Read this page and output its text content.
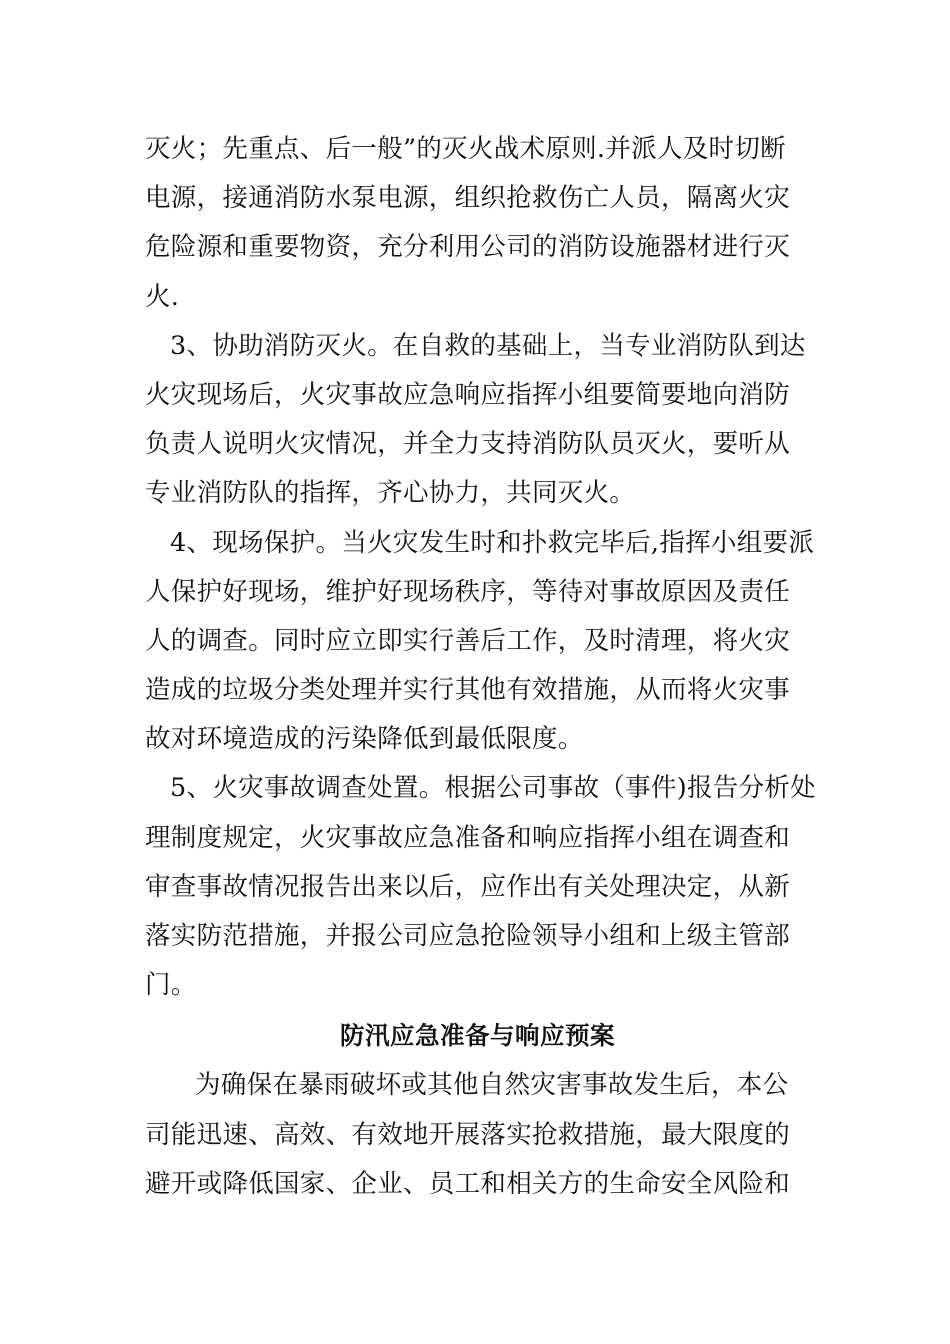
灭火；先重点、后一般”的灭火战术原则.并派人及时切断
电源，接通消防水泵电源，组织抢救伤亡人员，隔离火灾
危险源和重要物资，充分利用公司的消防设施器材进行灭
火.
3、协助消防灭火。在自救的基础上，当专业消防队到达
火灾现场后，火灾事故应急响应指挥小组要简要地向消防
负责人说明火灾情况，并全力支持消防队员灭火，要听从
专业消防队的指挥，齐心协力，共同灭火。
4、现场保护。当火灾发生时和扑救完毕后,指挥小组要派
人保护好现场，维护好现场秩序，等待对事故原因及责任
人的调查。同时应立即实行善后工作，及时清理，将火灾
造成的垃圾分类处理并实行其他有效措施，从而将火灾事
故对环境造成的污染降低到最低限度。
5、火灾事故调查处置。根据公司事故（事件)报告分析处
理制度规定，火灾事故应急准备和响应指挥小组在调查和
审查事故情况报告出来以后，应作出有关处理决定，从新
落实防范措施，并报公司应急抢险领导小组和上级主管部
门。
防汛应急准备与响应预案
为确保在暴雨破坏或其他自然灾害事故发生后，本公
司能迅速、高效、有效地开展落实抢救措施，最大限度的
避开或降低国家、企业、员工和相关方的生命安全风险和
